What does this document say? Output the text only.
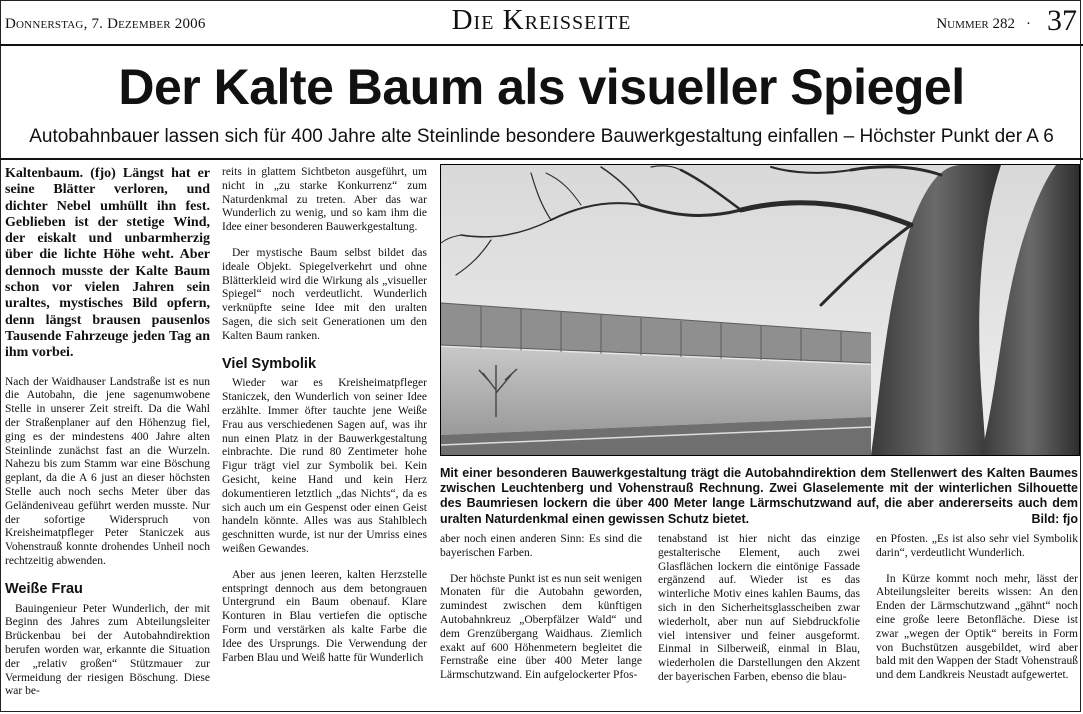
Donnerstag, 7. Dezember 2006	Die Kreisseite	Nummer 282 · 37
Der Kalte Baum als visueller Spiegel
Autobahnbauer lassen sich für 400 Jahre alte Steinlinde besondere Bauwerkgestaltung einfallen – Höchster Punkt der A 6

Kaltenbaum. (fjo) Längst hat er seine Blätter verloren, und dichter Nebel umhüllt ihn fest. Geblieben ist der stetige Wind, der eiskalt und unbarmherzig über die lichte Höhe weht. Aber dennoch musste der Kalte Baum schon vor vielen Jahren sein uraltes, mystisches Bild opfern, denn längst brausen pausenlos Tausende Fahrzeuge jeden Tag an ihm vorbei.

Nach der Waidhauser Landstraße ist es nun die Autobahn, die jene sagenumwobene Stelle in unserer Zeit streift. Da die Wahl der Straßenplaner auf den Höhenzug fiel, ging es der mindestens 400 Jahre alten Steinlinde zunächst fast an die Wurzeln. Nahezu bis zum Stamm war eine Böschung geplant, da die A 6 just an dieser höchsten Stelle auch noch sechs Meter über das Geländeniveau geführt werden musste. Nur der sofortige Widerspruch von Kreisheimatpfleger Peter Staniczek aus Vohenstrauß konnte drohendes Unheil noch rechtzeitig abwenden.

Weiße Frau

Bauingenieur Peter Wunderlich, der mit Beginn des Jahres zum Abteilungsleiter Brückenbau bei der Autobahndirektion berufen worden war, erkannte die Situation der „relativ großen“ Stützmauer zur Vermeidung der riesigen Böschung. Diese war be-

reits in glattem Sichtbeton ausgeführt, um nicht in „zu starke Konkurrenz“ zum Naturdenkmal zu treten. Aber das war Wunderlich zu wenig, und so kam ihm die Idee einer besonderen Bauwerkgestaltung.

Der mystische Baum selbst bildet das ideale Objekt. Spiegelverkehrt und ohne Blätterkleid wird die Wirkung als „visueller Spiegel“ noch verdeutlicht. Wunderlich verknüpfte seine Idee mit den uralten Sagen, die sich seit Generationen um den Kalten Baum ranken.

Viel Symbolik

Wieder war es Kreisheimatpfleger Staniczek, den Wunderlich von seiner Idee erzählte. Immer öfter tauchte jene Weiße Frau aus verschiedenen Sagen auf, was ihr nun einen Platz in der Bauwerkgestaltung einbrachte. Die rund 80 Zentimeter hohe Figur trägt viel zur Symbolik bei. Kein Gesicht, keine Hand und kein Herz dokumentieren letztlich „das Nichts“, da es sich auch um ein Gespenst oder einen Geist handeln könnte. Alles was aus Stahlblech geschnitten wurde, ist nur der Umriss eines weißen Gewandes.

Aber aus jenen leeren, kalten Herzstelle entspringt dennoch aus dem betongrauen Untergrund ein Baum obenauf. Klare Konturen in Blau vertiefen die optische Form und verstärken als kalte Farbe die Idee des Ursprungs. Die Verwendung der Farben Blau und Weiß hatte für Wunderlich

Mit einer besonderen Bauwerkgestaltung trägt die Autobahndirektion dem Stellenwert des Kalten Baumes zwischen Leuchtenberg und Vohenstrauß Rechnung. Zwei Glaselemente mit der winterlichen Silhouette des Baumriesen lockern die über 400 Meter lange Lärmschutzwand auf, die aber andererseits auch dem uralten Naturdenkmal einen gewissen Schutz bietet.	Bild: fjo

aber noch einen anderen Sinn: Es sind die bayerischen Farben.

Der höchste Punkt ist es nun seit wenigen Monaten für die Autobahn geworden, zumindest zwischen dem künftigen Autobahnkreuz „Oberpfälzer Wald“ und dem Grenzübergang Waidhaus. Ziemlich exakt auf 600 Höhenmetern begleitet die Fernstraße eine über 400 Meter lange Lärmschutzwand. Ein aufgelockerter Pfos-

tenabstand ist hier nicht das einzige gestalterische Element, auch zwei Glasflächen lockern die eintönige Fassade ergänzend auf. Wieder ist es das winterliche Motiv eines kahlen Baums, das sich in den Sicherheitsglasscheiben zwar wiederholt, aber nun auf Siebdruckfolie viel intensiver und feiner ausgeformt. Einmal in Silberweiß, einmal in Blau, wiederholen die Darstellungen den Akzent der bayerischen Farben, ebenso die blau-

en Pfosten. „Es ist also sehr viel Symbolik darin“, verdeutlicht Wunderlich.

In Kürze kommt noch mehr, lässt der Abteilungsleiter bereits wissen: An den Enden der Lärmschutzwand „gähnt“ noch eine große leere Betonfläche. Diese ist zwar „wegen der Optik“ bereits in Form von Buchstützen ausgebildet, wird aber bald mit den Wappen der Stadt Vohenstrauß und dem Landkreis Neustadt aufgewertet.
